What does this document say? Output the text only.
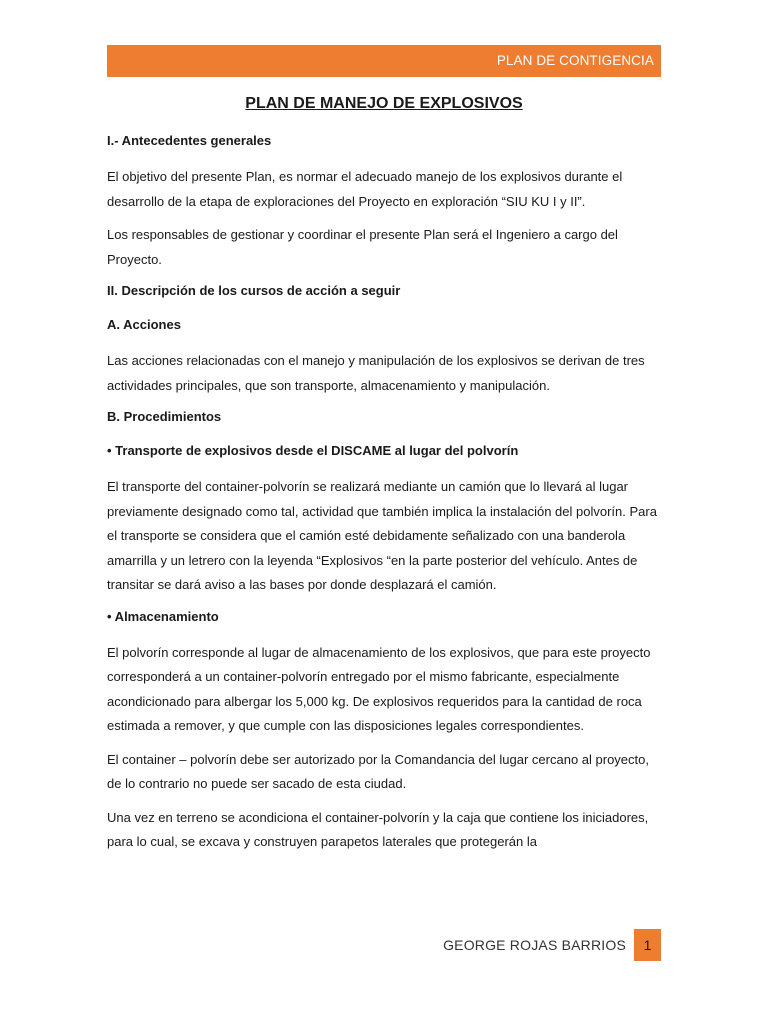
PLAN DE CONTIGENCIA
PLAN DE MANEJO DE EXPLOSIVOS
I.- Antecedentes generales
El objetivo del presente Plan, es normar el adecuado manejo de los explosivos durante el desarrollo de la etapa de exploraciones del Proyecto en exploración “SIU KU I y II”.
Los responsables de gestionar y coordinar el presente Plan será el Ingeniero a cargo del Proyecto.
II. Descripción de los cursos de acción a seguir
A. Acciones
Las acciones relacionadas con el manejo y manipulación de los explosivos se derivan de tres actividades principales, que son transporte, almacenamiento y manipulación.
B. Procedimientos
• Transporte de explosivos desde el DISCAME al lugar del polvorín
El transporte del container-polvorín se realizará mediante un camión que lo llevará al lugar previamente designado como tal, actividad que también implica la instalación del polvorín. Para el transporte se considera que el camión esté debidamente señalizado con una banderola amarrilla y un letrero con la leyenda “Explosivos “en la parte posterior del vehículo. Antes de transitar se dará aviso a las bases por donde desplazará el camión.
• Almacenamiento
El polvorín corresponde al lugar de almacenamiento de los explosivos, que para este proyecto corresponderá a un container-polvorín entregado por el mismo fabricante, especialmente acondicionado para albergar los 5,000 kg. De explosivos requeridos para la cantidad de roca estimada a remover, y que cumple con las disposiciones legales correspondientes.
El container – polvorín debe ser autorizado por la Comandancia del lugar cercano al proyecto, de lo contrario no puede ser sacado de esta ciudad.
Una vez en terreno se acondiciona el container-polvorín y la caja que contiene los iniciadores, para lo cual, se excava y construyen parapetos laterales que protegerán la
GEORGE ROJAS BARRIOS	1
